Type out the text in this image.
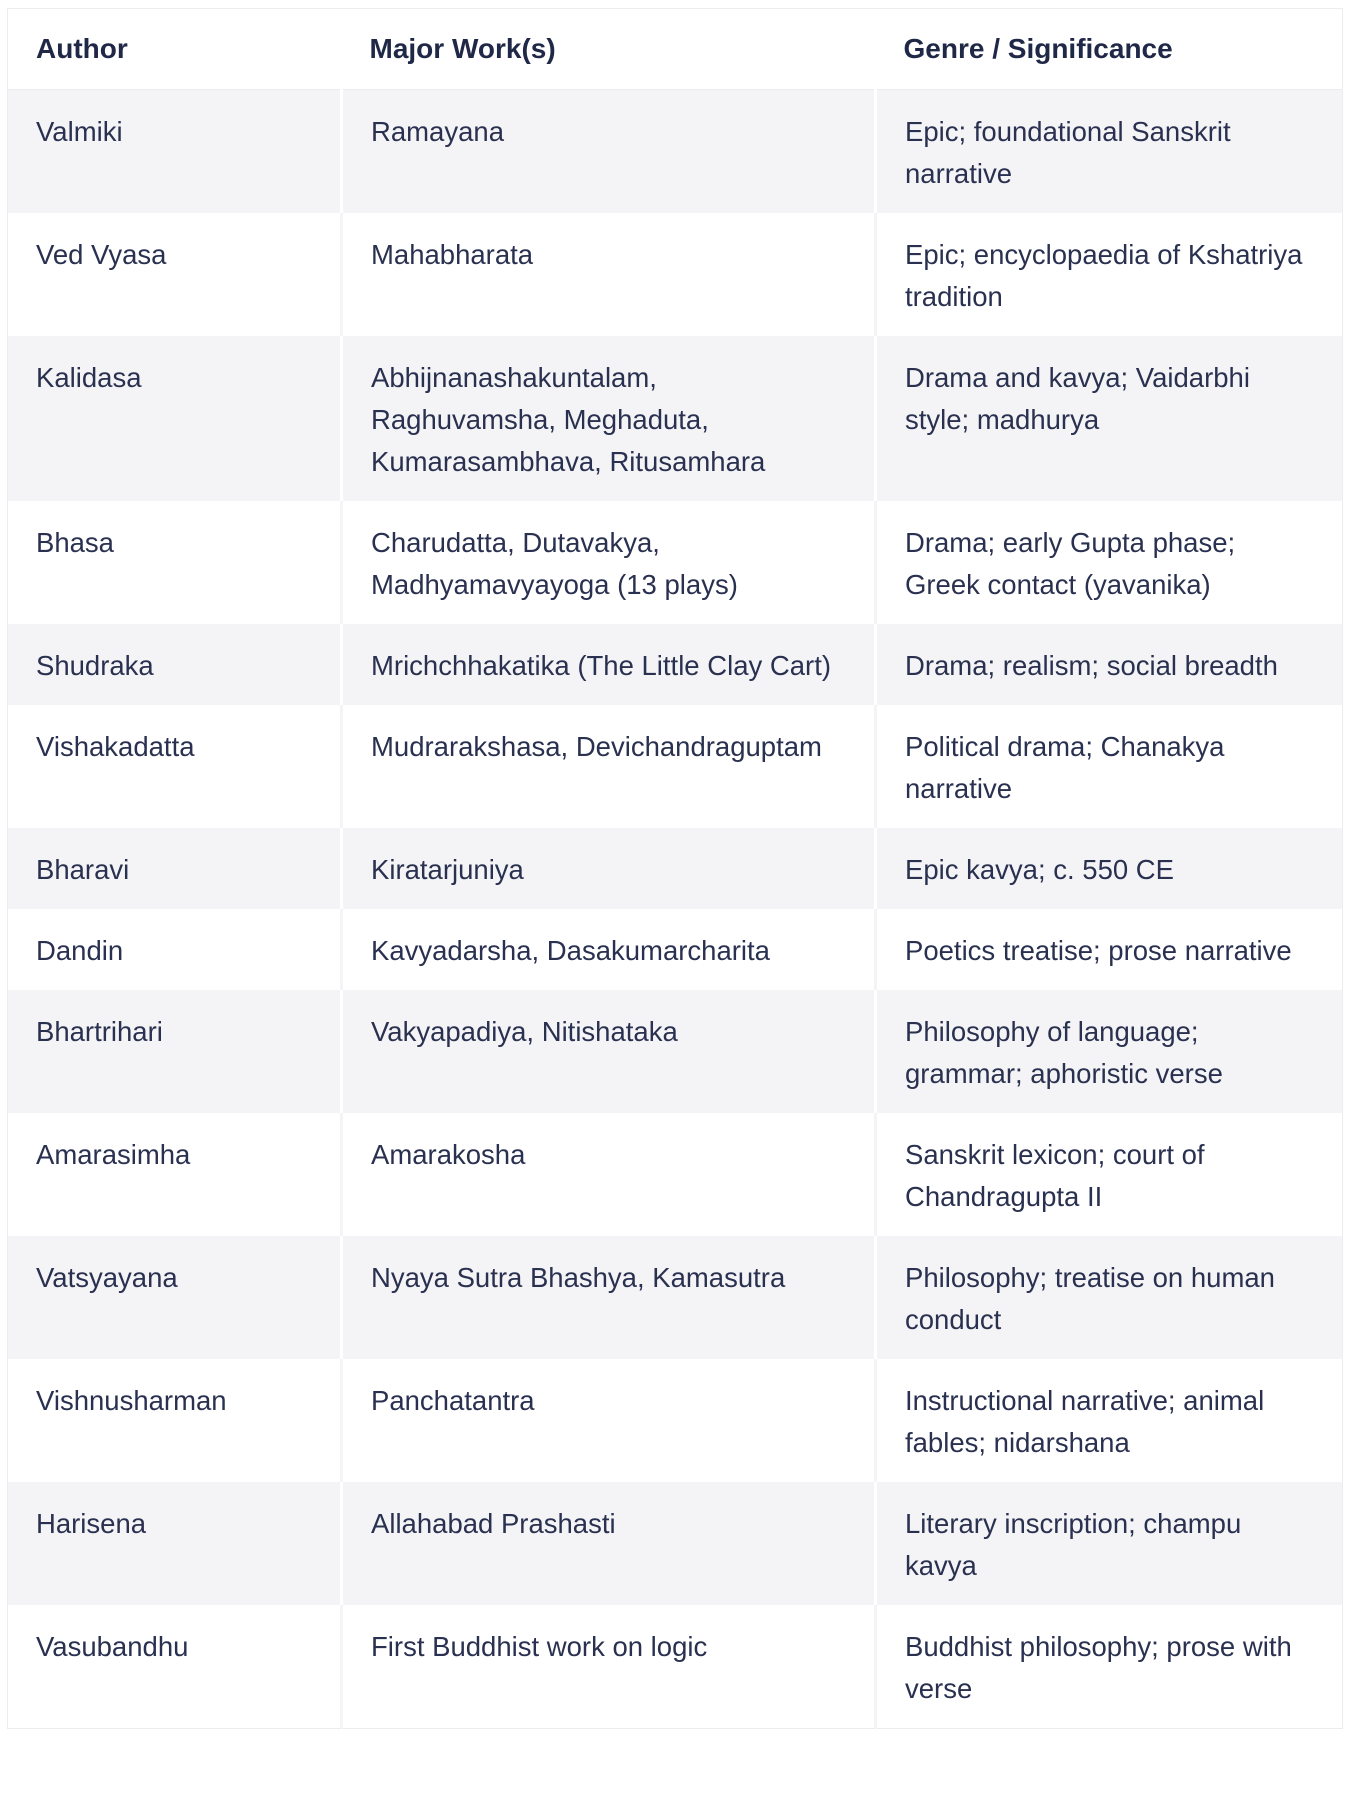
Author	Major Work(s)	Genre / Significance
Valmiki	Ramayana	Epic; foundational Sanskrit narrative
Ved Vyasa	Mahabharata	Epic; encyclopaedia of Kshatriya tradition
Kalidasa	Abhijnanashakuntalam, Raghuvamsha, Meghaduta, Kumarasambhava, Ritusamhara	Drama and kavya; Vaidarbhi style; madhurya
Bhasa	Charudatta, Dutavakya, Madhyamavyayoga (13 plays)	Drama; early Gupta phase; Greek contact (yavanika)
Shudraka	Mrichchhakatika (The Little Clay Cart)	Drama; realism; social breadth
Vishakadatta	Mudrarakshasa, Devichandraguptam	Political drama; Chanakya narrative
Bharavi	Kiratarjuniya	Epic kavya; c. 550 CE
Dandin	Kavyadarsha, Dasakumarcharita	Poetics treatise; prose narrative
Bhartrihari	Vakyapadiya, Nitishataka	Philosophy of language; grammar; aphoristic verse
Amarasimha	Amarakosha	Sanskrit lexicon; court of Chandragupta II
Vatsyayana	Nyaya Sutra Bhashya, Kamasutra	Philosophy; treatise on human conduct
Vishnusharman	Panchatantra	Instructional narrative; animal fables; nidarshana
Harisena	Allahabad Prashasti	Literary inscription; champu kavya
Vasubandhu	First Buddhist work on logic	Buddhist philosophy; prose with verse
